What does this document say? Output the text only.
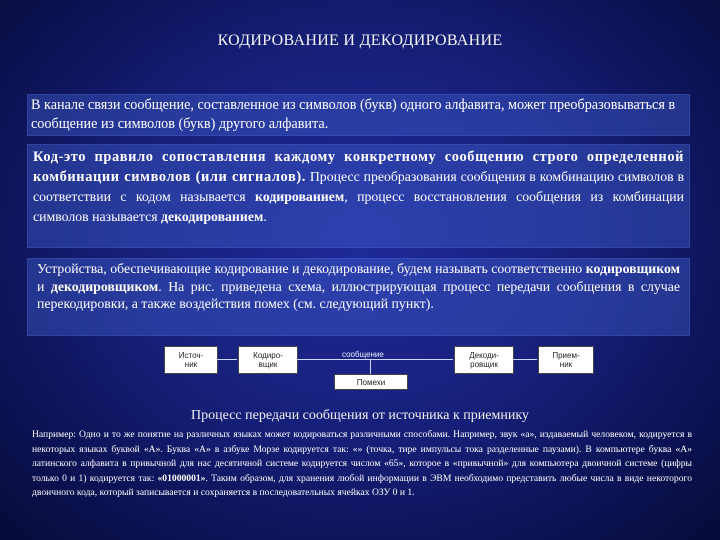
КОДИРОВАНИЕ И ДЕКОДИРОВАНИЕ
В канале связи сообщение, составленное из символов (букв) одного алфавита, может преобразовываться в сообщение из символов (букв) другого алфавита.
Код-это правило сопоставления каждому конкретному сообщению строго определенной комбинации символов (или сигналов). Процесс преобразования сообщения в комбинацию символов в соответствии с кодом называется кодированием, процесс восстановления сообщения из комбинации символов называется декодированием.
Устройства, обеспечивающие кодирование и декодирование, будем называть соответственно кодировщиком и декодировщиком. На рис. приведена схема, иллюстрирующая процесс передачи сообщения в случае перекодировки, а также воздействия помех (см. следующий пункт).
Источ-
ник
Кодиро-
вщик
сообщение
Помехи
Декоди-
ровщик
Прием-
ник
Процесс передачи сообщения от источника к приемнику
Например: Одно и то же понятие на различных языках может кодироваться различными способами. Например, звук «а», издаваемый человеком, кодируется в некоторых языках буквой «А». Буква «А» в азбуке Морзе кодируется так: «» (точка, тире импульсы тока разделенные паузами). В компьютере буква «А» латинского алфавита в привычной для нас десятичной системе кодируется числом «65», которое в «привычной» для компьютера двоичной системе (цифры только 0 и 1) кодируется так: «01000001». Таким образом, для хранения любой информации в ЭВМ необходимо представить любые числа в виде некоторого двоичного кода, который записывается и сохраняется в последовательных ячейках ОЗУ 0 и 1.
